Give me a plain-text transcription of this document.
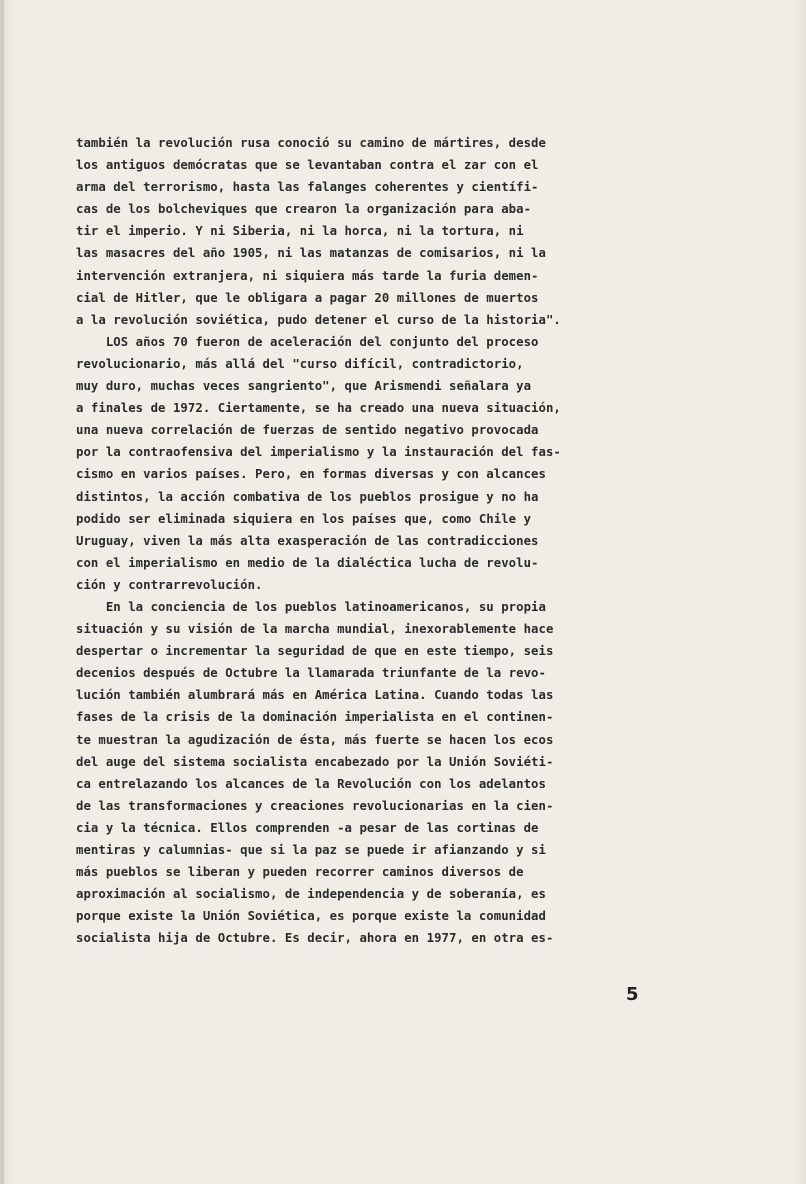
también la revolución rusa conoció su camino de mártires, desde
los antiguos demócratas que se levantaban contra el zar con el
arma del terrorismo, hasta las falanges coherentes y científi-
cas de los bolcheviques que crearon la organización para aba-
tir el imperio. Y ni Siberia, ni la horca, ni la tortura, ni
las masacres del año 1905, ni las matanzas de comisarios, ni la
intervención extranjera, ni siquiera más tarde la furia demen-
cial de Hitler, que le obligara a pagar 20 millones de muertos
a la revolución soviética, pudo detener el curso de la historia".
LOS años 70 fueron de aceleración del conjunto del proceso
revolucionario, más allá del "curso difícil, contradictorio,
muy duro, muchas veces sangriento", que Arismendi señalara ya
a finales de 1972. Ciertamente, se ha creado una nueva situación,
una nueva correlación de fuerzas de sentido negativo provocada
por la contraofensiva del imperialismo y la instauración del fas-
cismo en varios países. Pero, en formas diversas y con alcances
distintos, la acción combativa de los pueblos prosigue y no ha
podido ser eliminada siquiera en los países que, como Chile y
Uruguay, viven la más alta exasperación de las contradicciones
con el imperialismo en medio de la dialéctica lucha de revolu-
ción y contrarrevolución.
En la conciencia de los pueblos latinoamericanos, su propia
situación y su visión de la marcha mundial, inexorablemente hace
despertar o incrementar la seguridad de que en este tiempo, seis
decenios después de Octubre la llamarada triunfante de la revo-
lución también alumbrará más en América Latina. Cuando todas las
fases de la crisis de la dominación imperialista en el continen-
te muestran la agudización de ésta, más fuerte se hacen los ecos
del auge del sistema socialista encabezado por la Unión Soviéti-
ca entrelazando los alcances de la Revolución con los adelantos
de las transformaciones y creaciones revolucionarias en la cien-
cia y la técnica. Ellos comprenden -a pesar de las cortinas de
mentiras y calumnias- que si la paz se puede ir afianzando y si
más pueblos se liberan y pueden recorrer caminos diversos de
aproximación al socialismo, de independencia y de soberanía, es
porque existe la Unión Soviética, es porque existe la comunidad
socialista hija de Octubre. Es decir, ahora en 1977, en otra es-
5
